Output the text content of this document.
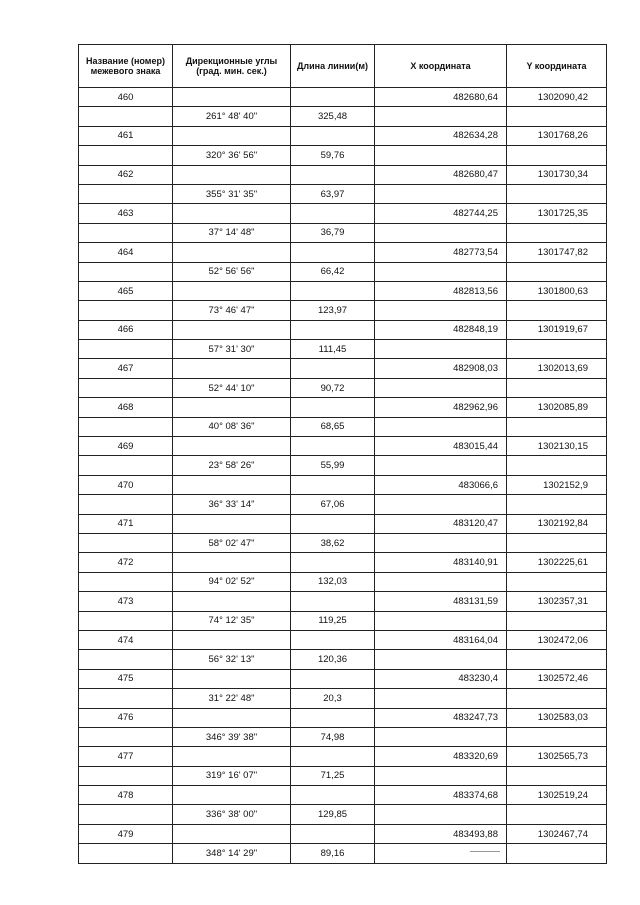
Название (номер) межевого знака	Дирекционные углы (град. мин. сек.)	Длина линии(м)	X координата	Y координата
460			482680,64	1302090,42
	261° 48' 40"	325,48		
461			482634,28	1301768,26
	320° 36' 56"	59,76		
462			482680,47	1301730,34
	355° 31' 35"	63,97		
463			482744,25	1301725,35
	37° 14' 48"	36,79		
464			482773,54	1301747,82
	52° 56' 56"	66,42		
465			482813,56	1301800,63
	73° 46' 47"	123,97		
466			482848,19	1301919,67
	57° 31' 30"	111,45		
467			482908,03	1302013,69
	52° 44' 10"	90,72		
468			482962,96	1302085,89
	40° 08' 36"	68,65		
469			483015,44	1302130,15
	23° 58' 26"	55,99		
470			483066,6	1302152,9
	36° 33' 14"	67,06		
471			483120,47	1302192,84
	58° 02' 47"	38,62		
472			483140,91	1302225,61
	94° 02' 52"	132,03		
473			483131,59	1302357,31
	74° 12' 35"	119,25		
474			483164,04	1302472,06
	56° 32' 13"	120,36		
475			483230,4	1302572,46
	31° 22' 48"	20,3		
476			483247,73	1302583,03
	346° 39' 38"	74,98		
477			483320,69	1302565,73
	319° 16' 07"	71,25		
478			483374,68	1302519,24
	336° 38' 00"	129,85		
479			483493,88	1302467,74
	348° 14' 29"	89,16		
